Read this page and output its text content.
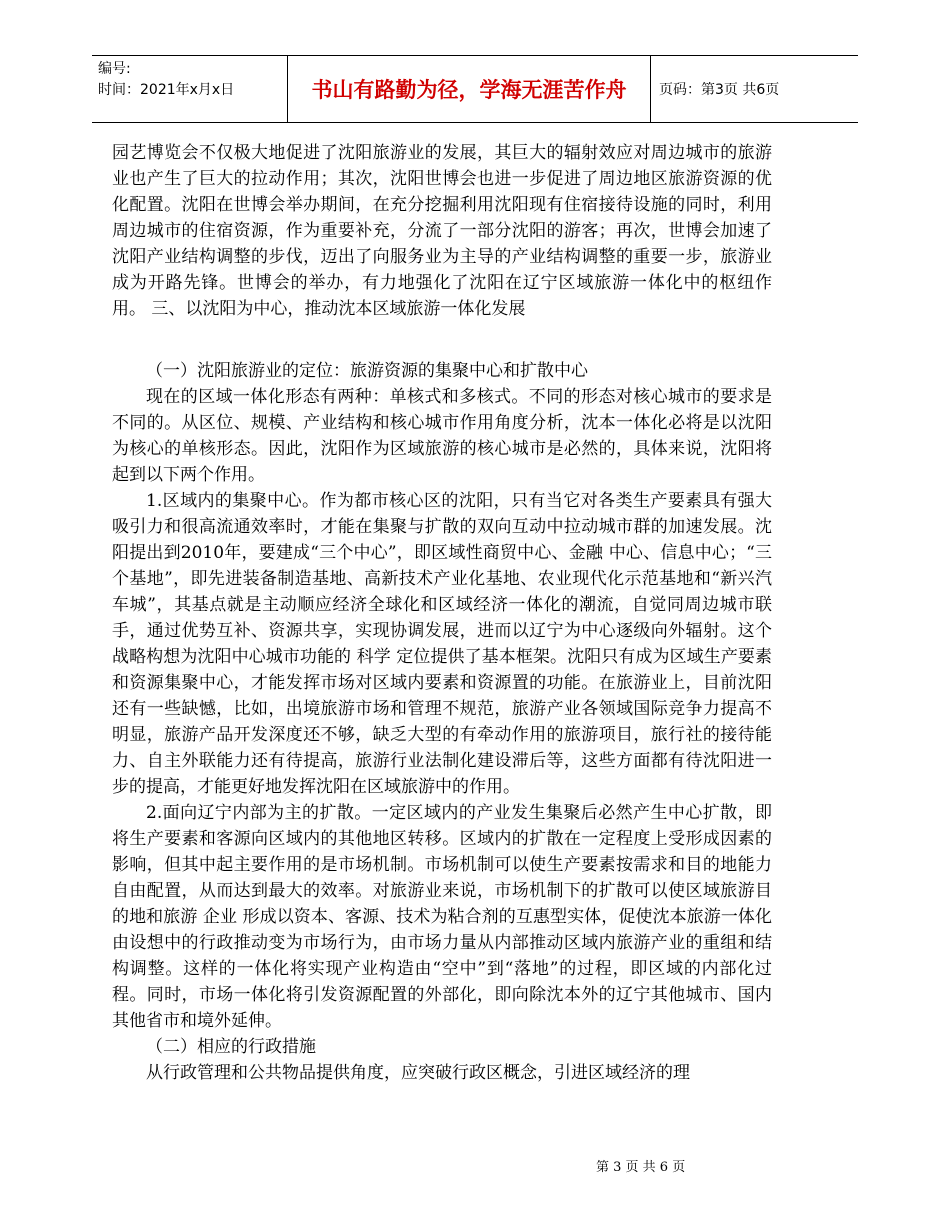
编号:
时间：2021年x月x日	书山有路勤为径，学海无涯苦作舟	页码：第3页 共6页

园艺博览会不仅极大地促进了沈阳旅游业的发展，其巨大的辐射效应对周边城市的旅游业也产生了巨大的拉动作用；其次，沈阳世博会也进一步促进了周边地区旅游资源的优化配置。沈阳在世博会举办期间，在充分挖掘利用沈阳现有住宿接待设施的同时，利用周边城市的住宿资源，作为重要补充，分流了一部分沈阳的游客；再次，世博会加速了沈阳产业结构调整的步伐，迈出了向服务业为主导的产业结构调整的重要一步，旅游业成为开路先锋。世博会的举办，有力地强化了沈阳在辽宁区域旅游一体化中的枢纽作用。 三、以沈阳为中心，推动沈本区域旅游一体化发展

（一）沈阳旅游业的定位：旅游资源的集聚中心和扩散中心

现在的区域一体化形态有两种：单核式和多核式。不同的形态对核心城市的要求是不同的。从区位、规模、产业结构和核心城市作用角度分析，沈本一体化必将是以沈阳为核心的单核形态。因此，沈阳作为区域旅游的核心城市是必然的，具体来说，沈阳将起到以下两个作用。

1.区域内的集聚中心。作为都市核心区的沈阳，只有当它对各类生产要素具有强大吸引力和很高流通效率时，才能在集聚与扩散的双向互动中拉动城市群的加速发展。沈阳提出到2010年，要建成“三个中心”，即区域性商贸中心、金融 中心、信息中心；“三个基地”，即先进装备制造基地、高新技术产业化基地、农业现代化示范基地和“新兴汽车城”，其基点就是主动顺应经济全球化和区域经济一体化的潮流，自觉同周边城市联手，通过优势互补、资源共享，实现协调发展，进而以辽宁为中心逐级向外辐射。这个战略构想为沈阳中心城市功能的 科学 定位提供了基本框架。沈阳只有成为区域生产要素和资源集聚中心，才能发挥市场对区域内要素和资源置的功能。在旅游业上，目前沈阳还有一些缺憾，比如，出境旅游市场和管理不规范，旅游产业各领域国际竞争力提高不明显，旅游产品开发深度还不够，缺乏大型的有牵动作用的旅游项目，旅行社的接待能力、自主外联能力还有待提高，旅游行业法制化建设滞后等，这些方面都有待沈阳进一步的提高，才能更好地发挥沈阳在区域旅游中的作用。

2.面向辽宁内部为主的扩散。一定区域内的产业发生集聚后必然产生中心扩散，即将生产要素和客源向区域内的其他地区转移。区域内的扩散在一定程度上受形成因素的影响，但其中起主要作用的是市场机制。市场机制可以使生产要素按需求和目的地能力自由配置，从而达到最大的效率。对旅游业来说，市场机制下的扩散可以使区域旅游目的地和旅游 企业 形成以资本、客源、技术为粘合剂的互惠型实体，促使沈本旅游一体化由设想中的行政推动变为市场行为，由市场力量从内部推动区域内旅游产业的重组和结构调整。这样的一体化将实现产业构造由“空中”到“落地”的过程，即区域的内部化过程。同时，市场一体化将引发资源配置的外部化，即向除沈本外的辽宁其他城市、国内其他省市和境外延伸。

（二）相应的行政措施

从行政管理和公共物品提供角度，应突破行政区概念，引进区域经济的理

第 3 页 共 6 页
